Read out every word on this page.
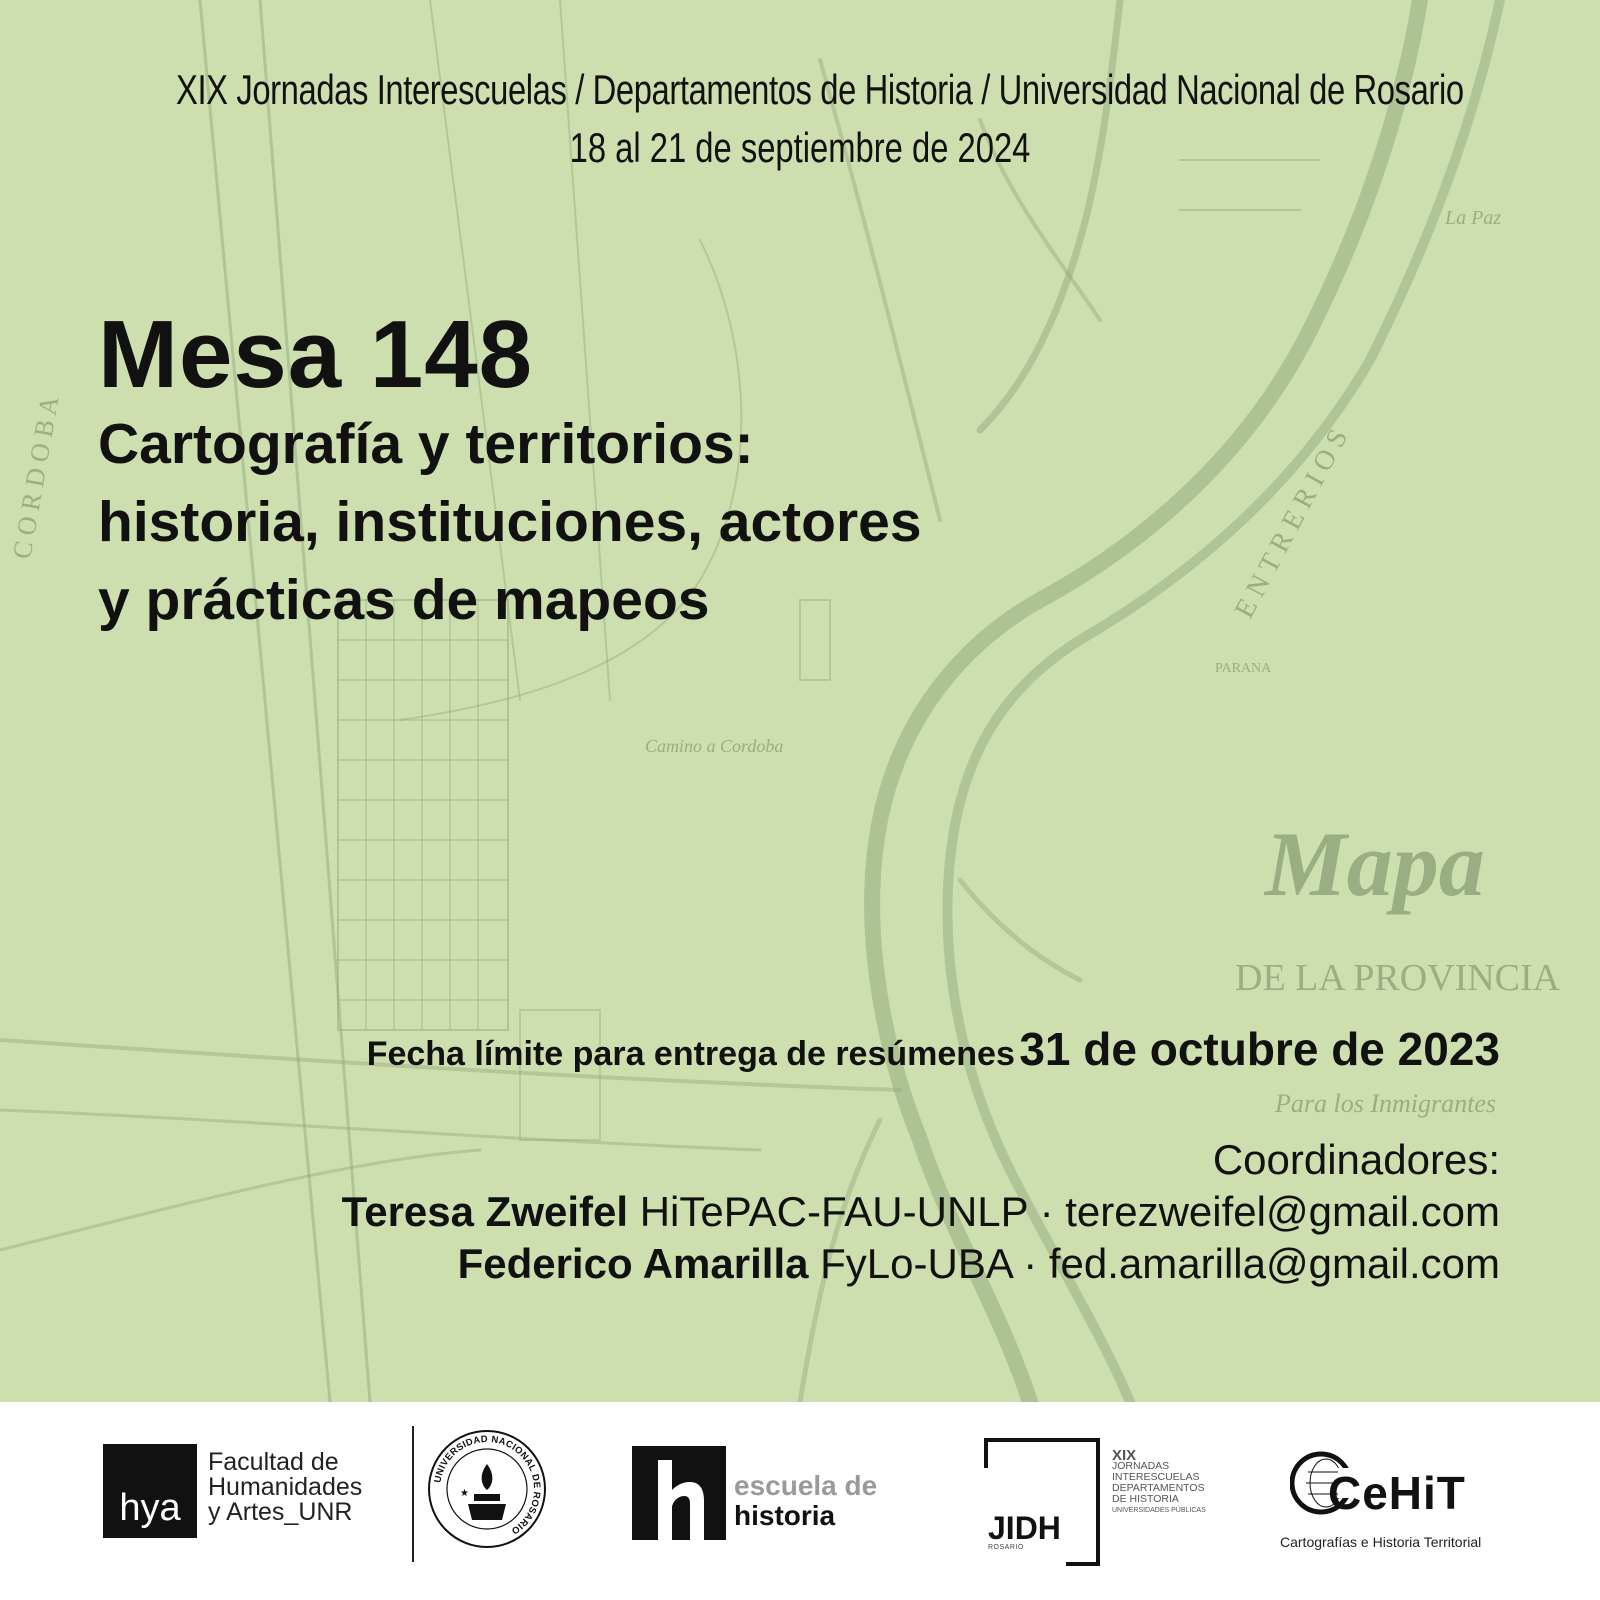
Mapa
DE LA PROVINCIA
Para los Inmigrantes
PARANA
Camino a Cordoba
La Paz
E N T R E R I O S
C O R D O B A

XIX Jornadas Interescuelas / Departamentos de Historia / Universidad Nacional de Rosario

18 al 21 de septiembre de 2024

Mesa 148
Cartografía y territorios:
historia, instituciones, actores
y prácticas de mapeos
Fecha límite para entrega de resúmenes 31 de octubre de 2023
Coordinadores:
Teresa Zweifel HiTePAC-FAU-UNLP · terezweifel@gmail.com
Federico Amarilla FyLo-UBA · fed.amarilla@gmail.com
hya
Facultad de
Humanidades
y Artes_UNR
UNIVERSIDAD NACIONAL DE ROSARIO
★	escuela de
historia	JIDH
ROSARIO
XIX
JORNADAS
INTERESCUELAS
DEPARTAMENTOS
DE HISTORIA
UNIVERSIDADES PÚBLICAS	CeHiT
Cartografías e Historia Territorial
